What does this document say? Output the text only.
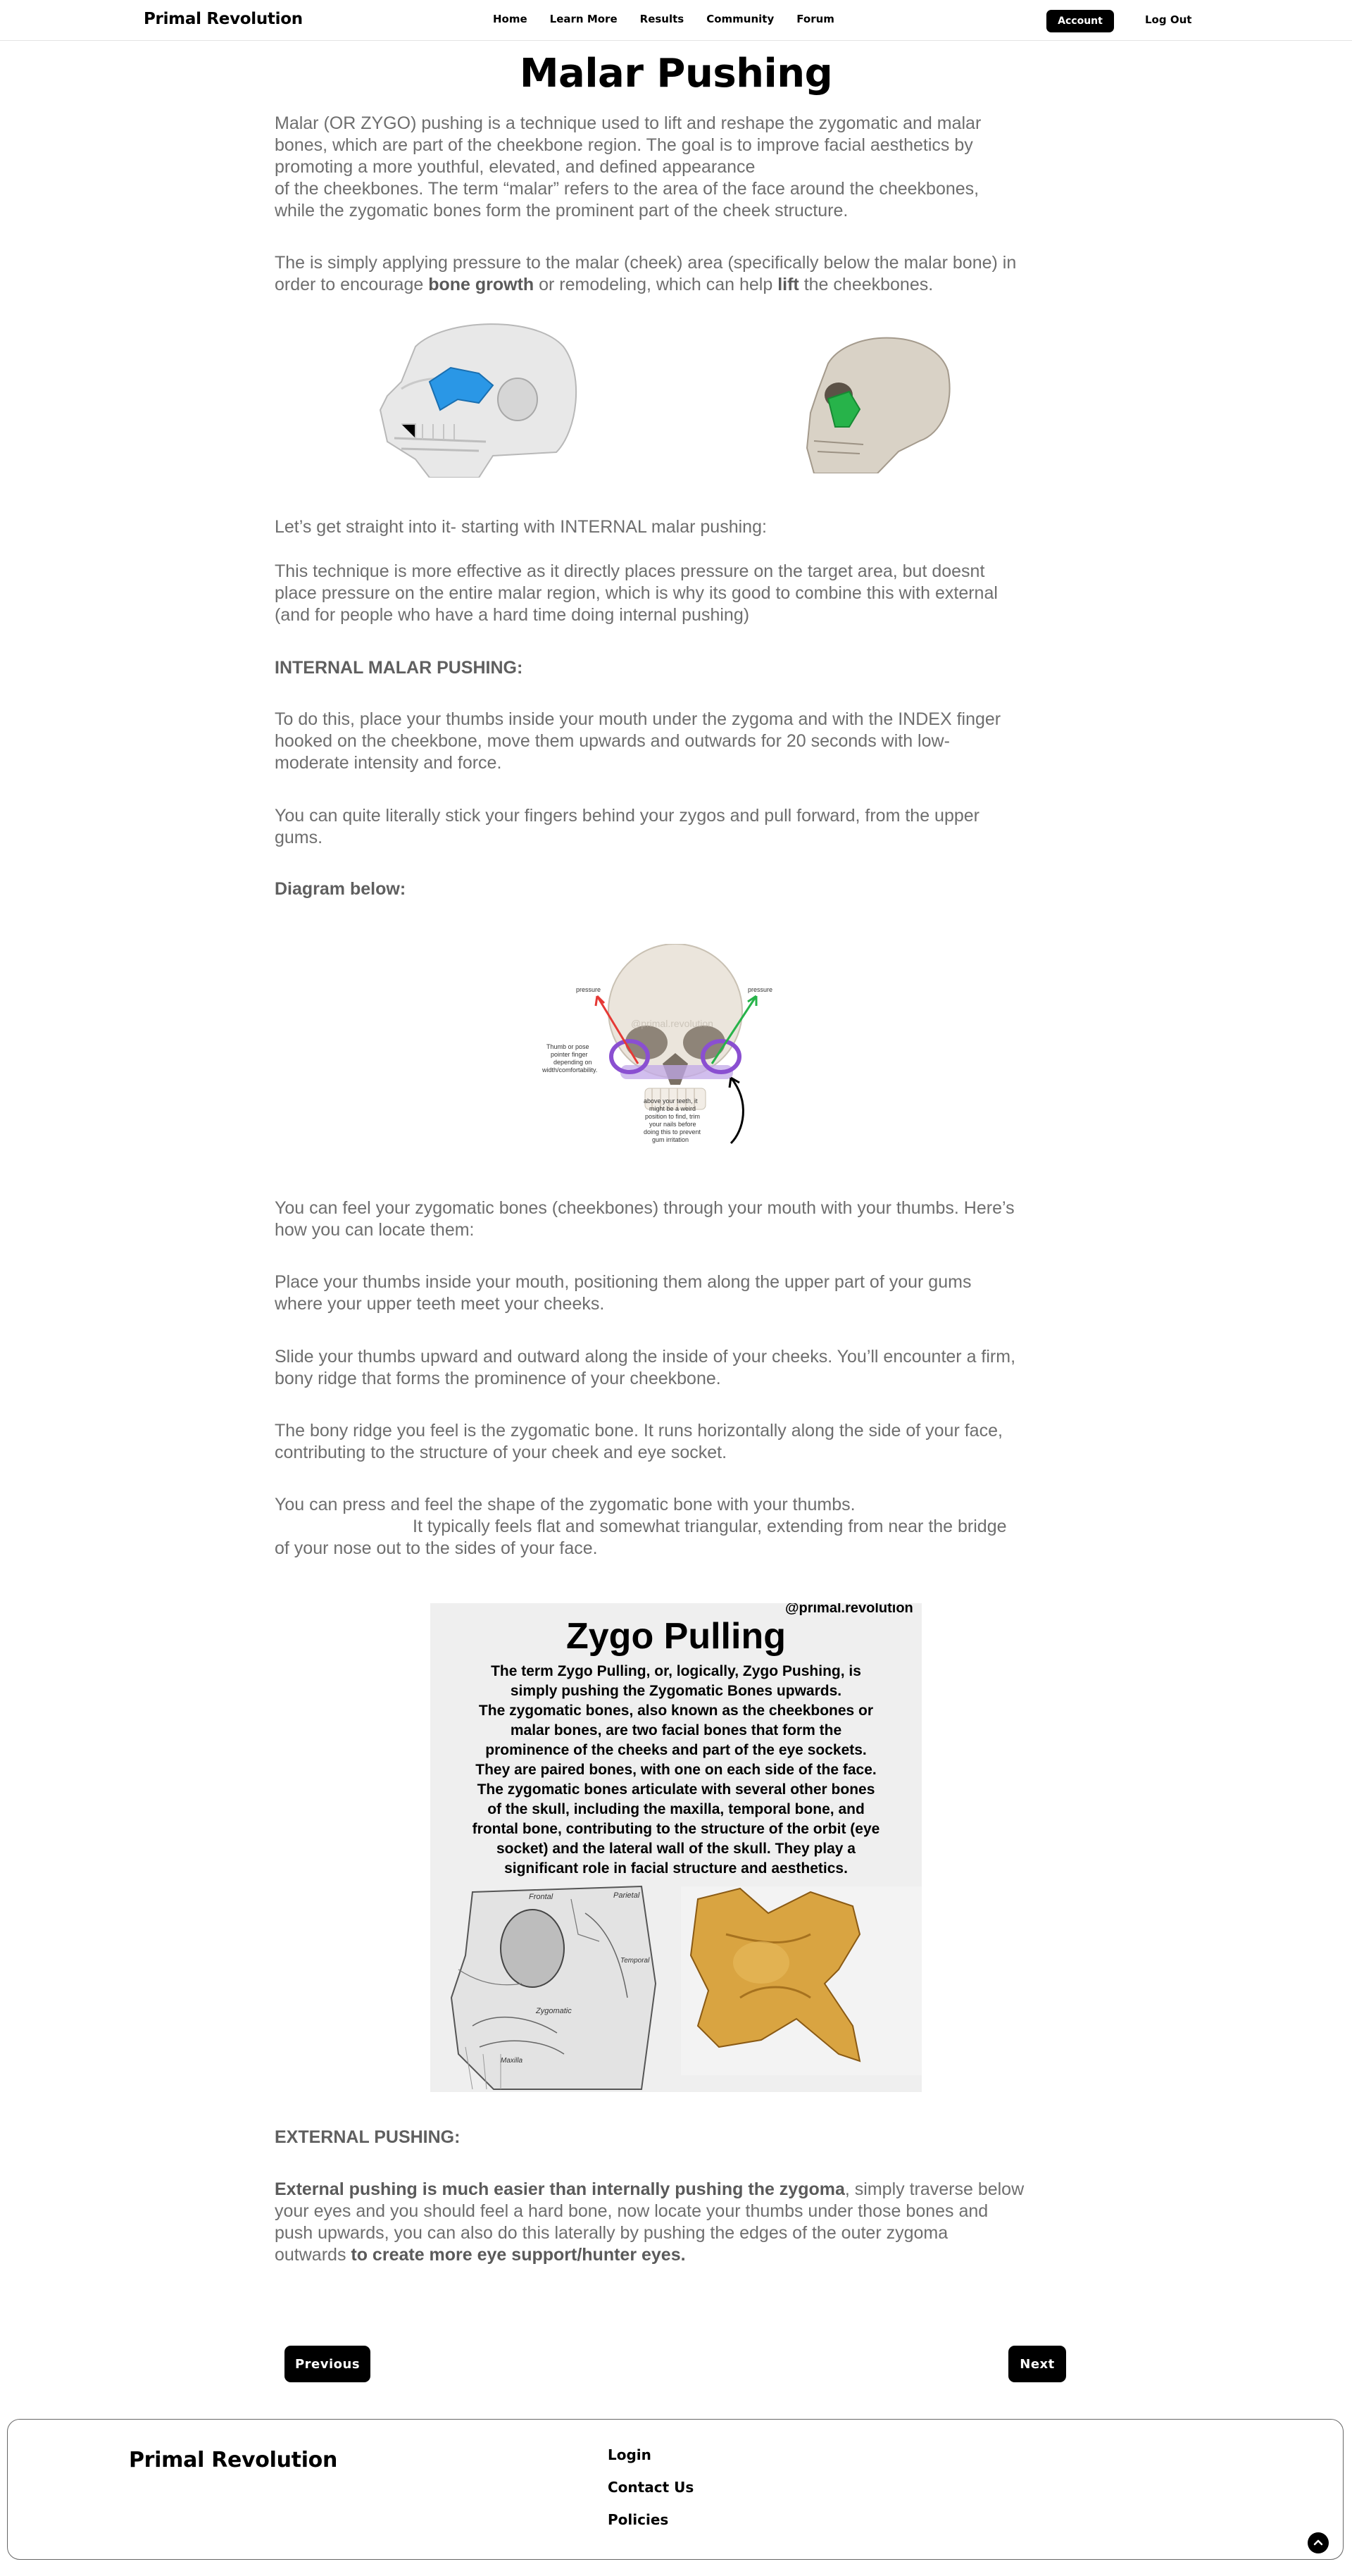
Primal Revolution	Home Learn More Results Community Forum	Account	Log Out
Malar Pushing
Malar (OR ZYGO) pushing is a technique used to lift and reshape the zygomatic and malar
bones, which are part of the cheekbone region. The goal is to improve facial aesthetics by
promoting a more youthful, elevated, and defined appearance
of the cheekbones. The term “malar” refers to the area of the face around the cheekbones,
while the zygomatic bones form the prominent part of the cheek structure.
The is simply applying pressure to the malar (cheek) area (specifically below the malar bone) in
order to encourage bone growth or remodeling, which can help lift the cheekbones.
Let’s get straight into it- starting with INTERNAL malar pushing:
This technique is more effective as it directly places pressure on the target area, but doesnt
place pressure on the entire malar region, which is why its good to combine this with external
(and for people who have a hard time doing internal pushing)
INTERNAL MALAR PUSHING:
To do this, place your thumbs inside your mouth under the zygoma and with the INDEX finger
hooked on the cheekbone, move them upwards and outwards for 20 seconds with low-
moderate intensity and force.
You can quite literally stick your fingers behind your zygos and pull forward, from the upper
gums.
Diagram below:
pressure	pressure
Thumb or pose
pointer finger
depending on
width/comfortability.
above your teeth, it
might be a weird
position to find, trim
your nails before
doing this to prevent
gum irritation
@primal.revolution
You can feel your zygomatic bones (cheekbones) through your mouth with your thumbs. Here’s
how you can locate them:
Place your thumbs inside your mouth, positioning them along the upper part of your gums
where your upper teeth meet your cheeks.
Slide your thumbs upward and outward along the inside of your cheeks. You’ll encounter a firm,
bony ridge that forms the prominence of your cheekbone.
The bony ridge you feel is the zygomatic bone. It runs horizontally along the side of your face,
contributing to the structure of your cheek and eye socket.
You can press and feel the shape of the zygomatic bone with your thumbs.
It typically feels flat and somewhat triangular, extending from near the bridge
of your nose out to the sides of your face.
@primal.revolution
Zygo Pulling
The term Zygo Pulling, or, logically, Zygo Pushing, is
simply pushing the Zygomatic Bones upwards.
The zygomatic bones, also known as the cheekbones or
malar bones, are two facial bones that form the
prominence of the cheeks and part of the eye sockets.
They are paired bones, with one on each side of the face.
The zygomatic bones articulate with several other bones
of the skull, including the maxilla, temporal bone, and
frontal bone, contributing to the structure of the orbit (eye
socket) and the lateral wall of the skull. They play a
significant role in facial structure and aesthetics.
Frontal	Parietal
Temporal
Zygomatic
Maxilla
EXTERNAL PUSHING:
External pushing is much easier than internally pushing the zygoma, simply traverse below
your eyes and you should feel a hard bone, now locate your thumbs under those bones and
push upwards, you can also do this laterally by pushing the edges of the outer zygoma
outwards to create more eye support/hunter eyes.
Previous	Next
Primal Revolution	Login
Contact Us
Policies
